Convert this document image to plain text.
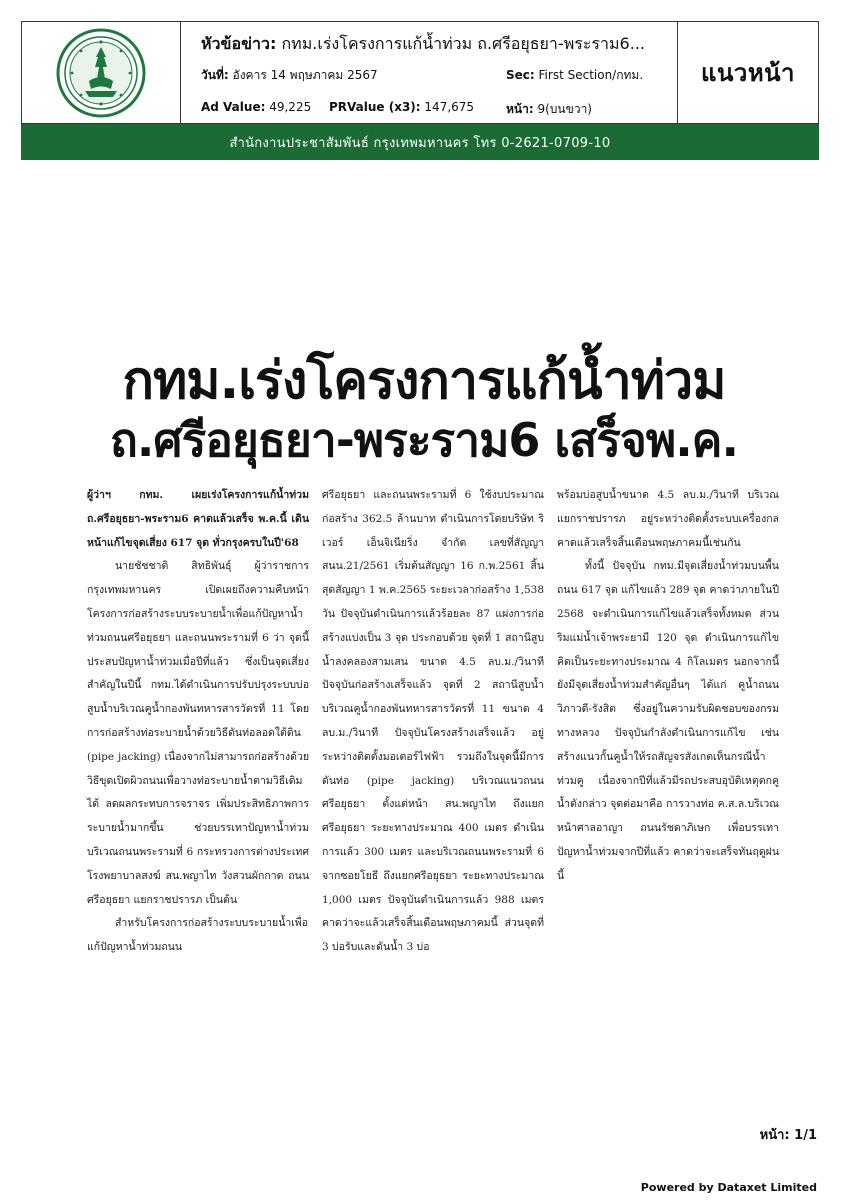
หัวข้อข่าว: กทม.เร่งโครงการแก้น้ำท่วม ถ.ศรีอยุธยา-พระราม6...
วันที่: อังคาร 14 พฤษภาคม 2567	Sec: First Section/กทม.
Ad Value: 49,225	PRValue (x3): 147,675	หน้า: 9(บนขวา)
แนวหน้า
สำนักงานประชาสัมพันธ์ กรุงเทพมหานคร โทร 0-2621-0709-10
กทม.เร่งโครงการแก้น้ำท่วม
ถ.ศรีอยุธยา-พระราม6 เสร็จพ.ค.

ผู้ว่าฯ กทม. เผยเร่งโครงการแก้น้ำท่วม ถ.ศรีอยุธยา-พระราม6 คาดแล้วเสร็จ พ.ค.นี้ เดินหน้าแก้ไขจุดเสี่ยง 617 จุด ทั่วกรุงครบในปี'68

นายชัชชาติ สิทธิพันธุ์ ผู้ว่าราชการกรุงเทพมหานคร เปิดเผยถึงความคืบหน้าโครงการก่อสร้างระบบระบายน้ำเพื่อแก้ปัญหาน้ำท่วมถนนศรีอยุธยา และถนนพระรามที่ 6 ว่า จุดนี้ประสบปัญหาน้ำท่วมเมื่อปีที่แล้ว ซึ่งเป็นจุดเสี่ยงสำคัญในปีนี้ กทม.ได้ดำเนินการปรับปรุงระบบบ่อสูบน้ำบริเวณคูน้ำกองพันทหารสารวัตรที่ 11 โดยการก่อสร้างท่อระบายน้ำด้วยวิธีดันท่อลอดใต้ดิน (pipe jacking) เนื่องจากไม่สามารถก่อสร้างด้วยวิธีขุดเปิดผิวถนนเพื่อวางท่อระบายน้ำตามวิธีเดิมได้ ลดผลกระทบการจราจร เพิ่มประสิทธิภาพการระบายน้ำมากขึ้น ช่วยบรรเทาปัญหาน้ำท่วมบริเวณถนนพระรามที่ 6 กระทรวงการต่างประเทศ โรงพยาบาลสงฆ์ สน.พญาไท วังสวนผักกาด ถนนศรีอยุธยา แยกราชปรารภ เป็นต้น

สำหรับโครงการก่อสร้างระบบระบายน้ำเพื่อแก้ปัญหาน้ำท่วมถนน

ศรีอยุธยา และถนนพระรามที่ 6 ใช้งบประมาณก่อสร้าง 362.5 ล้านบาท ดำเนินการโดยบริษัท ริเวอร์ เอ็นจิเนียริ่ง จำกัด เลขที่สัญญา สนน.21/2561 เริ่มต้นสัญญา 16 ก.พ.2561 สิ้นสุดสัญญา 1 พ.ค.2565 ระยะเวลาก่อสร้าง 1,538 วัน ปัจจุบันดำเนินการแล้วร้อยละ 87 แผ่งการก่อสร้างแบ่งเป็น 3 จุด ประกอบด้วย จุดที่ 1 สถานีสูบน้ำลงคลองสามเสน ขนาด 4.5 ลบ.ม./วินาที ปัจจุบันก่อสร้างเสร็จแล้ว จุดที่ 2 สถานีสูบน้ำบริเวณคูน้ำกองพันทหารสารวัตรที่ 11 ขนาด 4 ลบ.ม./วินาที ปัจจุบันโครงสร้างเสร็จแล้ว อยู่ระหว่างติดตั้งมอเตอร์ไฟฟ้า รวมถึงในจุดนี้มีการดันท่อ (pipe jacking) บริเวณแนวถนนศรีอยุธยา ตั้งแต่หน้า สน.พญาไท ถึงแยกศรีอยุธยา ระยะทางประมาณ 400 เมตร ดำเนินการแล้ว 300 เมตร และบริเวณถนนพระรามที่ 6 จากซอยโยธี ถึงแยกศรีอยุธยา ระยะทางประมาณ 1,000 เมตร ปัจจุบันดำเนินการแล้ว 988 เมตร คาดว่าจะแล้วเสร็จสิ้นเดือนพฤษภาคมนี้ ส่วนจุดที่ 3 บ่อรับและดันน้ำ 3 บ่อ

พร้อมบ่อสูบน้ำขนาด 4.5 ลบ.ม./วินาที บริเวณแยกราชปรารภ อยู่ระหว่างติดตั้งระบบเครื่องกล คาดแล้วเสร็จสิ้นเดือนพฤษภาคมนี้เช่นกัน

ทั้งนี้ ปัจจุบัน กทม.มีจุดเสี่ยงน้ำท่วมบนพื้นถนน 617 จุด แก้ไขแล้ว 289 จุด คาดว่าภายในปี 2568 จะดำเนินการแก้ไขแล้วเสร็จทั้งหมด ส่วนริมแม่น้ำเจ้าพระยามี 120 จุด ดำเนินการแก้ไขคิดเป็นระยะทางประมาณ 4 กิโลเมตร นอกจากนี้ ยังมีจุดเสี่ยงน้ำท่วมสำคัญอื่นๆ ได้แก่ คูน้ำถนนวิภาวดี-รังสิต ซึ่งอยู่ในความรับผิดชอบของกรมทางหลวง ปัจจุบันกำลังดำเนินการแก้ไข เช่น สร้างแนวกั้นคูน้ำให้รถสัญจรสังเกตเห็นกรณีน้ำท่วมคู เนื่องจากปีที่แล้วมีรถประสบอุบัติเหตุตกคูน้ำดังกล่าว จุดต่อมาคือ การวางท่อ ค.ส.ล.บริเวณหน้าศาลอาญา ถนนรัชดาภิเษก เพื่อบรรเทาปัญหาน้ำท่วมจากปีที่แล้ว คาดว่าจะเสร็จทันฤดูฝนนี้

หน้า: 1/1
Powered by Dataxet Limited
